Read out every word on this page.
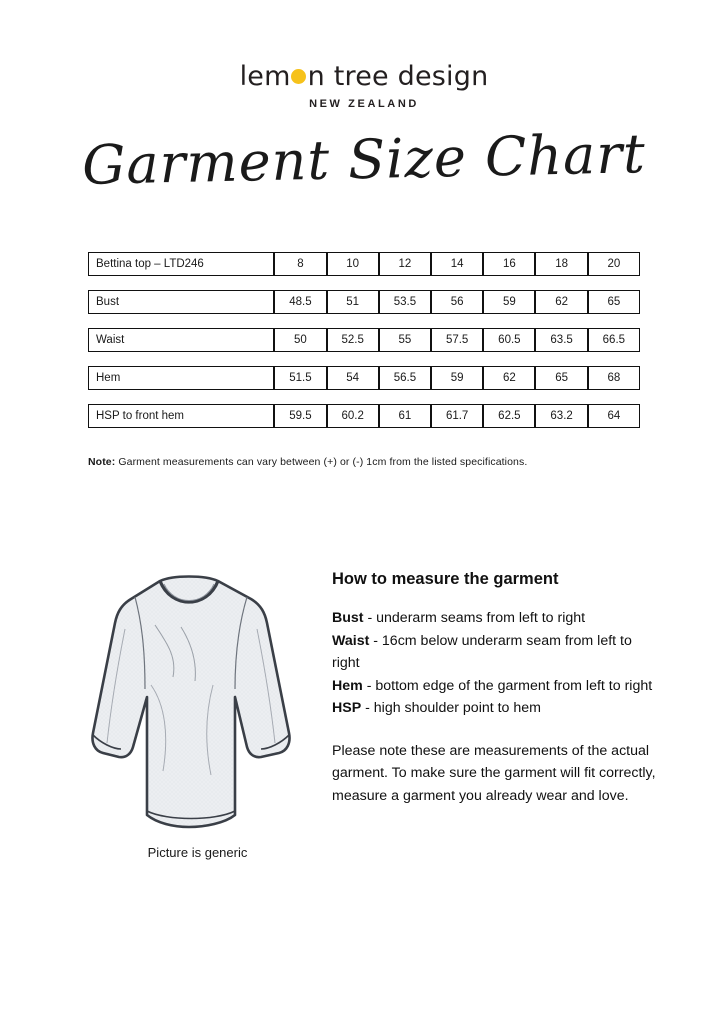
lem n tree design
NEW ZEALAND
Garment Size Chart
Bettina top – LTD246	8	10	12	14	16	18	20
Bust	48.5	51	53.5	56	59	62	65
Waist	50	52.5	55	57.5	60.5	63.5	66.5
Hem	51.5	54	56.5	59	62	65	68
HSP to front hem	59.5	60.2	61	61.7	62.5	63.2	64
Note: Garment measurements can vary between (+) or (-) 1cm from the listed specifications.
Picture is generic
How to measure the garment
Bust - underarm seams from left to right
Waist - 16cm below underarm seam from left to right
Hem - bottom edge of the garment from left to right
HSP - high shoulder point to hem
Please note these are measurements of the actual garment. To make sure the garment will fit correctly, measure a garment you already wear and love.
